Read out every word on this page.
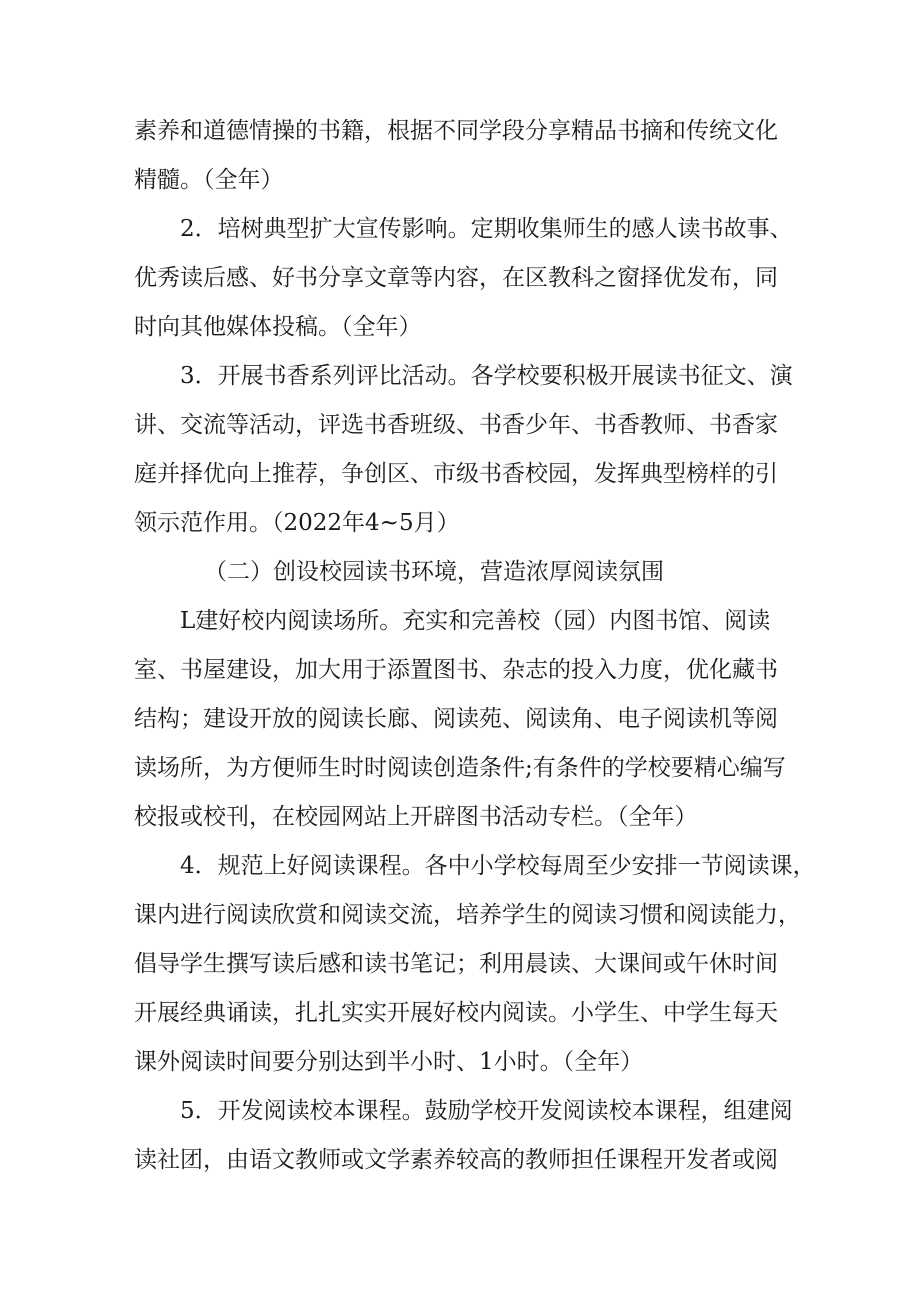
素养和道德情操的书籍，根据不同学段分享精品书摘和传统文化
精髓。（全年）
2．培树典型扩大宣传影响。定期收集师生的感人读书故事、
优秀读后感、好书分享文章等内容，在区教科之窗择优发布，同
时向其他媒体投稿。（全年）
3．开展书香系列评比活动。各学校要积极开展读书征文、演
讲、交流等活动，评选书香班级、书香少年、书香教师、书香家
庭并择优向上推荐，争创区、市级书香校园，发挥典型榜样的引
领示范作用。（2022年4~5月）
（二）创设校园读书环境，营造浓厚阅读氛围
L建好校内阅读场所。充实和完善校（园）内图书馆、阅读
室、书屋建设，加大用于添置图书、杂志的投入力度，优化藏书
结构；建设开放的阅读长廊、阅读苑、阅读角、电子阅读机等阅
读场所，为方便师生时时阅读创造条件;有条件的学校要精心编写
校报或校刊，在校园网站上开辟图书活动专栏。（全年）
4．规范上好阅读课程。各中小学校每周至少安排一节阅读课，
课内进行阅读欣赏和阅读交流，培养学生的阅读习惯和阅读能力，
倡导学生撰写读后感和读书笔记；利用晨读、大课间或午休时间
开展经典诵读，扎扎实实开展好校内阅读。小学生、中学生每天
课外阅读时间要分别达到半小时、1小时。（全年）
5．开发阅读校本课程。鼓励学校开发阅读校本课程，组建阅
读社团，由语文教师或文学素养较高的教师担任课程开发者或阅
